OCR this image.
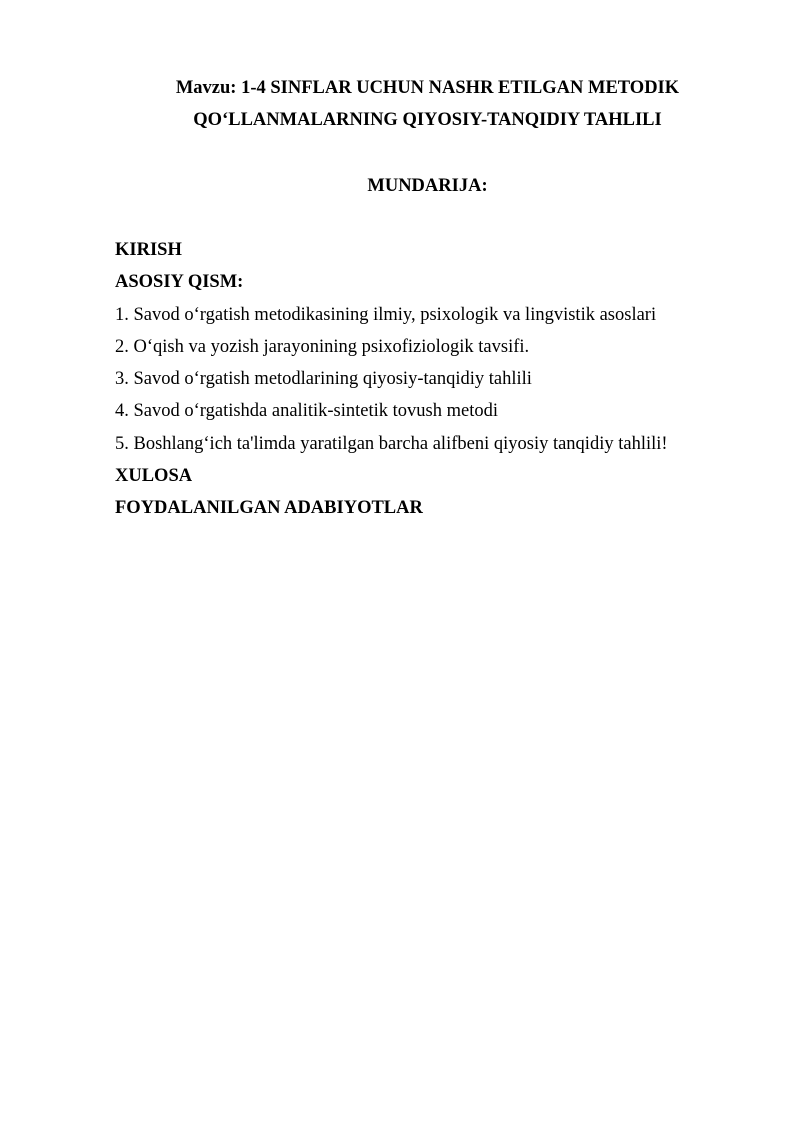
Mavzu: 1-4 SINFLAR UCHUN NASHR ETILGAN METODIK

QO‘LLANMALARNING QIYOSIY-TANQIDIY TAHLILI

MUNDARIJA:

KIRISH
ASOSIY QISM:
1. Savod o‘rgatish metodikasining ilmiy, psixologik va lingvistik asoslari
2. O‘qish va yozish jarayonining psixofiziologik tavsifi.
3. Savod o‘rgatish metodlarining qiyosiy-tanqidiy tahlili
4. Savod o‘rgatishda analitik-sintetik tovush metodi
5. Boshlang‘ich ta'limda yaratilgan barcha alifbeni qiyosiy tanqidiy tahlili!
XULOSA
FOYDALANILGAN ADABIYOTLAR
